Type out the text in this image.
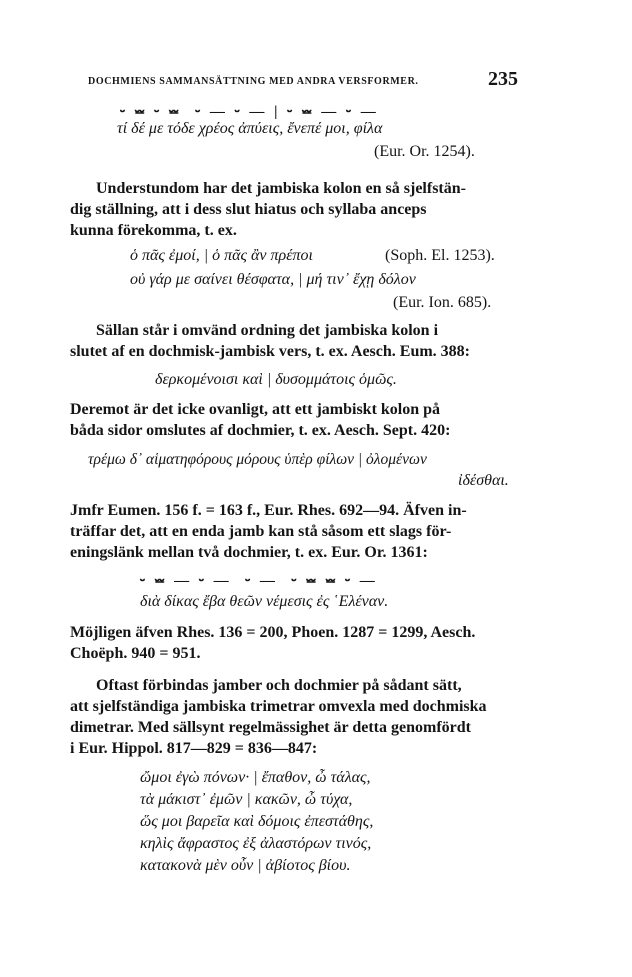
DOCHMIENS SAMMANSÄTTNING MED ANDRA VERSFORMER.	235
⏑ ⏕ ⏑ ⏕  ⏑ — ⏑ — | ⏑ ⏕ — ⏑ —
τί δέ με τόδε χρέος ἀπύεις, ἔνεπέ μοι, φίλα
(Eur. Or. 1254).
Understundom har det jambiska kolon en så sjelfstän-
dig ställning, att i dess slut hiatus och syllaba anceps
kunna förekomma, t. ex.
ὁ πᾶς ἐμοί, | ὁ πᾶς ἂν πρέποι	(Soph. El. 1253).
οὐ γάρ με σαίνει θέσφατα, | μή τιν᾽ ἔχῃ δόλον
(Eur. Ion. 685).
Sällan står i omvänd ordning det jambiska kolon i
slutet af en dochmisk-jambisk vers, t. ex. Aesch. Eum. 388:
δερκομένοισι καὶ | δυσομμάτοις ὁμῶς.
Deremot är det icke ovanligt, att ett jambiskt kolon på
båda sidor omslutes af dochmier, t. ex. Aesch. Sept. 420:
τρέμω δ᾽ αἱματηφόρους μόρους ὑπὲρ φίλων | ὀλομένων
ἰδέσθαι.
Jmfr Eumen. 156 f. = 163 f., Eur. Rhes. 692—94. Äfven in-
träffar det, att en enda jamb kan stå såsom ett slags för-
eningslänk mellan två dochmier, t. ex. Eur. Or. 1361:
⏑ ⏕ — ⏑ —  ⏑ —  ⏑ ⏕ ⏕ ⏑ —
διὰ δίκας ἔβα θεῶν νέμεσις ἐς ῾Ελέναν.
Möjligen äfven Rhes. 136 = 200, Phoen. 1287 = 1299, Aesch.
Choëph. 940 = 951.
Oftast förbindas jamber och dochmier på sådant sätt,
att sjelfständiga jambiska trimetrar omvexla med dochmiska
dimetrar. Med sällsynt regelmässighet är detta genomfördt
i Eur. Hippol. 817—829 = 836—847:
ὤμοι ἐγὼ πόνων· | ἔπαθον, ὦ τάλας,
τὰ μάκιστ᾽ ἐμῶν | κακῶν, ὦ τύχα,
ὥς μοι βαρεῖα καὶ δόμοις ἐπεστάθης,
κηλὶς ἄφραστος ἐξ ἀλαστόρων τινός,
κατακονὰ μὲν οὖν | ἀβίοτος βίου.
